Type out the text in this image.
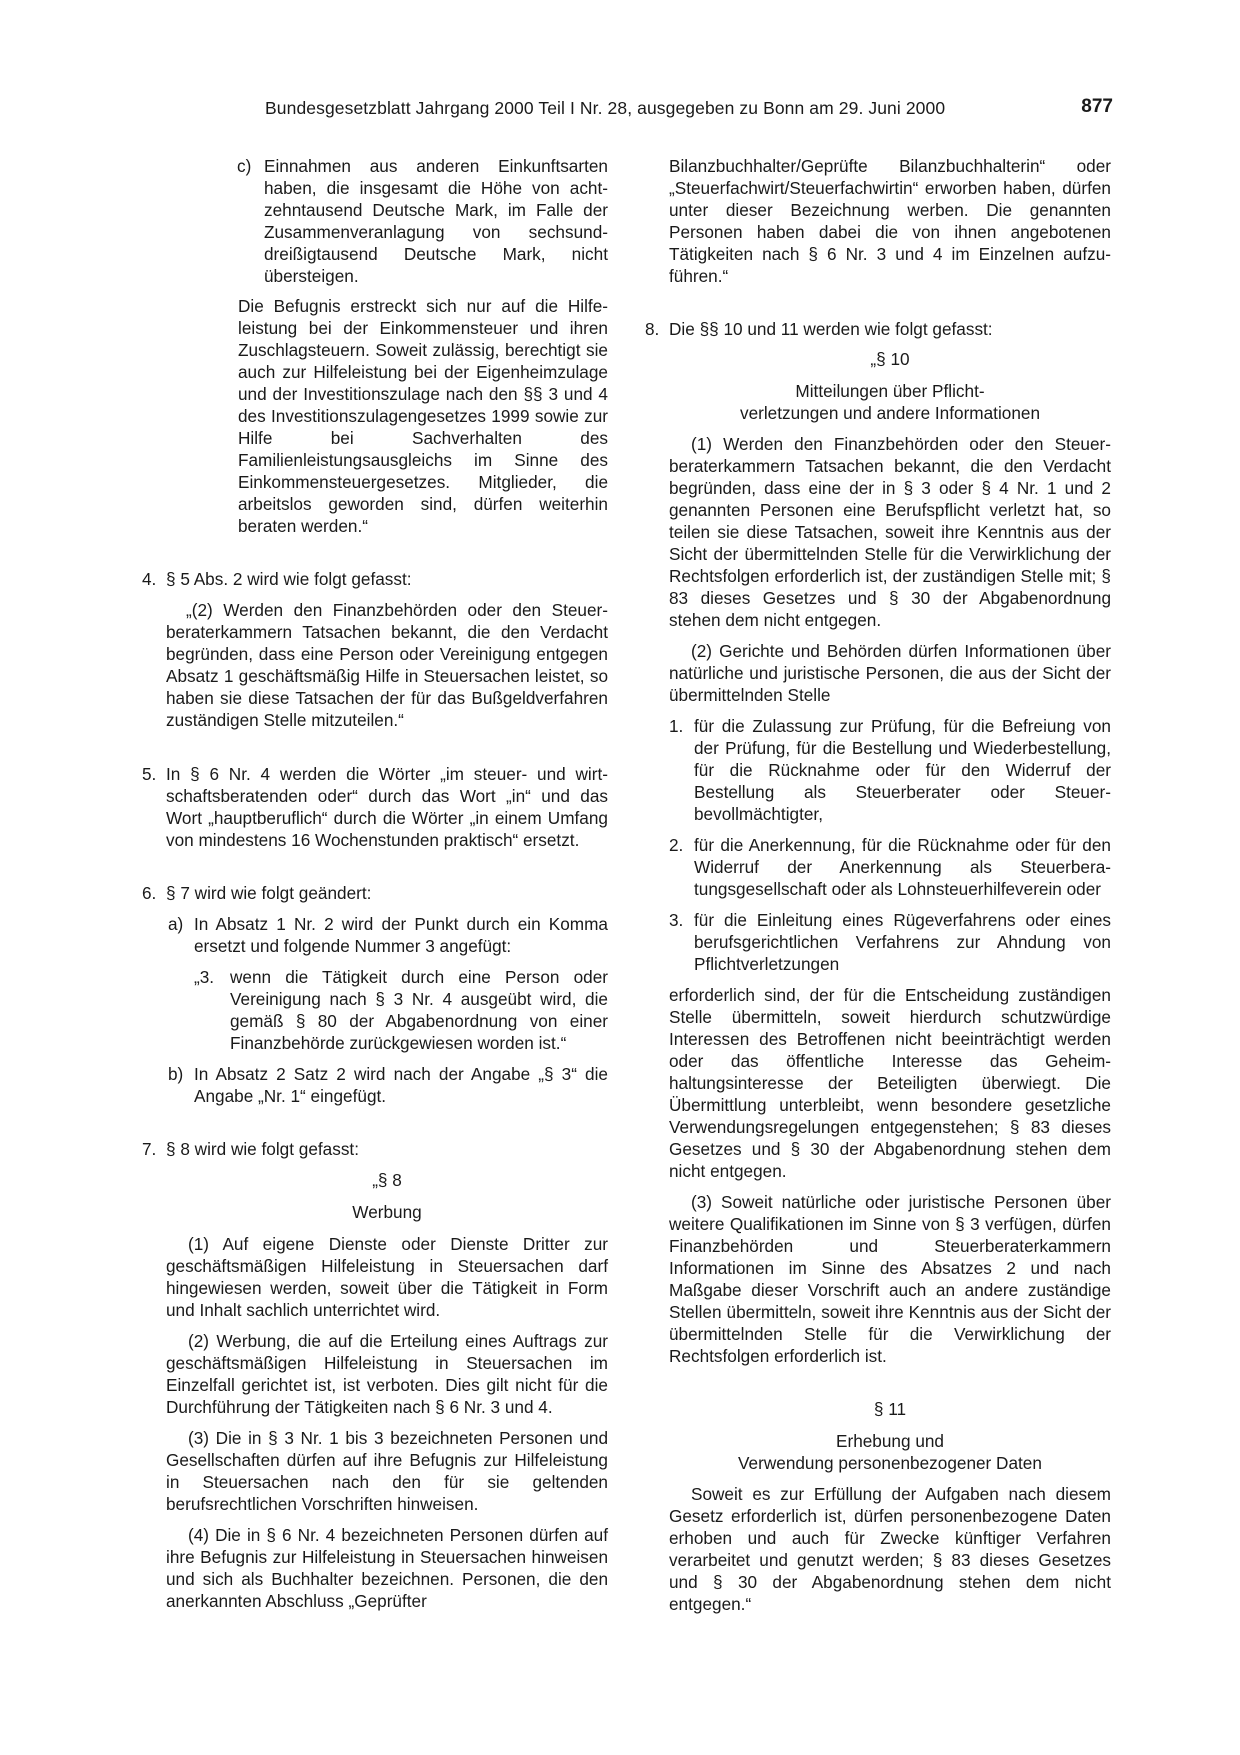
Bundesgesetzblatt Jahrgang 2000 Teil I Nr. 28, ausgegeben zu Bonn am 29. Juni 2000	877
c) Einnahmen aus anderen Einkunftsarten haben, die insgesamt die Höhe von achtzehntausend Deutsche Mark, im Falle der Zusammenveranlagung von sechsunddreißigtausend Deutsche Mark, nicht übersteigen.

Die Befugnis erstreckt sich nur auf die Hilfeleistung bei der Einkommensteuer und ihren Zuschlagsteuern. Soweit zulässig, berechtigt sie auch zur Hilfeleistung bei der Eigenheimzulage und der Investitionszulage nach den §§ 3 und 4 des Investitionszulagengesetzes 1999 sowie zur Hilfe bei Sachverhalten des Familienleistungsausgleichs im Sinne des Einkommensteuergesetzes. Mitglieder, die arbeitslos geworden sind, dürfen weiterhin beraten werden.“

4. § 5 Abs. 2 wird wie folgt gefasst:

„(2) Werden den Finanzbehörden oder den Steuerberaterkammern Tatsachen bekannt, die den Verdacht begründen, dass eine Person oder Vereinigung entgegen Absatz 1 geschäftsmäßig Hilfe in Steuersachen leistet, so haben sie diese Tatsachen der für das Bußgeldverfahren zuständigen Stelle mitzuteilen.“

5. In § 6 Nr. 4 werden die Wörter „im steuer- und wirtschaftsberatenden oder“ durch das Wort „in“ und das Wort „hauptberuflich“ durch die Wörter „in einem Umfang von mindestens 16 Wochenstunden praktisch“ ersetzt.

6. § 7 wird wie folgt geändert:

a) In Absatz 1 Nr. 2 wird der Punkt durch ein Komma ersetzt und folgende Nummer 3 angefügt:

„3. wenn die Tätigkeit durch eine Person oder Vereinigung nach § 3 Nr. 4 ausgeübt wird, die gemäß § 80 der Abgabenordnung von einer Finanzbehörde zurückgewiesen worden ist.“

b) In Absatz 2 Satz 2 wird nach der Angabe „§ 3“ die Angabe „Nr. 1“ eingefügt.

7. § 8 wird wie folgt gefasst:

„§ 8

Werbung

(1) Auf eigene Dienste oder Dienste Dritter zur geschäftsmäßigen Hilfeleistung in Steuersachen darf hingewiesen werden, soweit über die Tätigkeit in Form und Inhalt sachlich unterrichtet wird.

(2) Werbung, die auf die Erteilung eines Auftrags zur geschäftsmäßigen Hilfeleistung in Steuersachen im Einzelfall gerichtet ist, ist verboten. Dies gilt nicht für die Durchführung der Tätigkeiten nach § 6 Nr. 3 und 4.

(3) Die in § 3 Nr. 1 bis 3 bezeichneten Personen und Gesellschaften dürfen auf ihre Befugnis zur Hilfeleistung in Steuersachen nach den für sie geltenden berufsrechtlichen Vorschriften hinweisen.

(4) Die in § 6 Nr. 4 bezeichneten Personen dürfen auf ihre Befugnis zur Hilfeleistung in Steuersachen hinweisen und sich als Buchhalter bezeichnen. Personen, die den anerkannten Abschluss „Geprüfter

Bilanzbuchhalter/Geprüfte Bilanzbuchhalterin“ oder „Steuerfachwirt/Steuerfachwirtin“ erworben haben, dürfen unter dieser Bezeichnung werben. Die genannten Personen haben dabei die von ihnen angebotenen Tätigkeiten nach § 6 Nr. 3 und 4 im Einzelnen aufzuführen.“

8. Die §§ 10 und 11 werden wie folgt gefasst:

„§ 10

Mitteilungen über Pflicht-

verletzungen und andere Informationen

(1) Werden den Finanzbehörden oder den Steuerberaterkammern Tatsachen bekannt, die den Verdacht begründen, dass eine der in § 3 oder § 4 Nr. 1 und 2 genannten Personen eine Berufspflicht verletzt hat, so teilen sie diese Tatsachen, soweit ihre Kenntnis aus der Sicht der übermittelnden Stelle für die Verwirklichung der Rechtsfolgen erforderlich ist, der zuständigen Stelle mit; § 83 dieses Gesetzes und § 30 der Abgabenordnung stehen dem nicht entgegen.

(2) Gerichte und Behörden dürfen Informationen über natürliche und juristische Personen, die aus der Sicht der übermittelnden Stelle

1. für die Zulassung zur Prüfung, für die Befreiung von der Prüfung, für die Bestellung und Wiederbestellung, für die Rücknahme oder für den Widerruf der Bestellung als Steuerberater oder Steuerbevollmächtigter,

2. für die Anerkennung, für die Rücknahme oder für den Widerruf der Anerkennung als Steuerberatungsgesellschaft oder als Lohnsteuerhilfeverein oder

3. für die Einleitung eines Rügeverfahrens oder eines berufsgerichtlichen Verfahrens zur Ahndung von Pflichtverletzungen

erforderlich sind, der für die Entscheidung zuständigen Stelle übermitteln, soweit hierdurch schutzwürdige Interessen des Betroffenen nicht beeinträchtigt werden oder das öffentliche Interesse das Geheimhaltungsinteresse der Beteiligten überwiegt. Die Übermittlung unterbleibt, wenn besondere gesetzliche Verwendungsregelungen entgegenstehen; § 83 dieses Gesetzes und § 30 der Abgabenordnung stehen dem nicht entgegen.

(3) Soweit natürliche oder juristische Personen über weitere Qualifikationen im Sinne von § 3 verfügen, dürfen Finanzbehörden und Steuerberaterkammern Informationen im Sinne des Absatzes 2 und nach Maßgabe dieser Vorschrift auch an andere zuständige Stellen übermitteln, soweit ihre Kenntnis aus der Sicht der übermittelnden Stelle für die Verwirklichung der Rechtsfolgen erforderlich ist.

§ 11

Erhebung und

Verwendung personenbezogener Daten

Soweit es zur Erfüllung der Aufgaben nach diesem Gesetz erforderlich ist, dürfen personenbezogene Daten erhoben und auch für Zwecke künftiger Verfahren verarbeitet und genutzt werden; § 83 dieses Gesetzes und § 30 der Abgabenordnung stehen dem nicht entgegen.“
